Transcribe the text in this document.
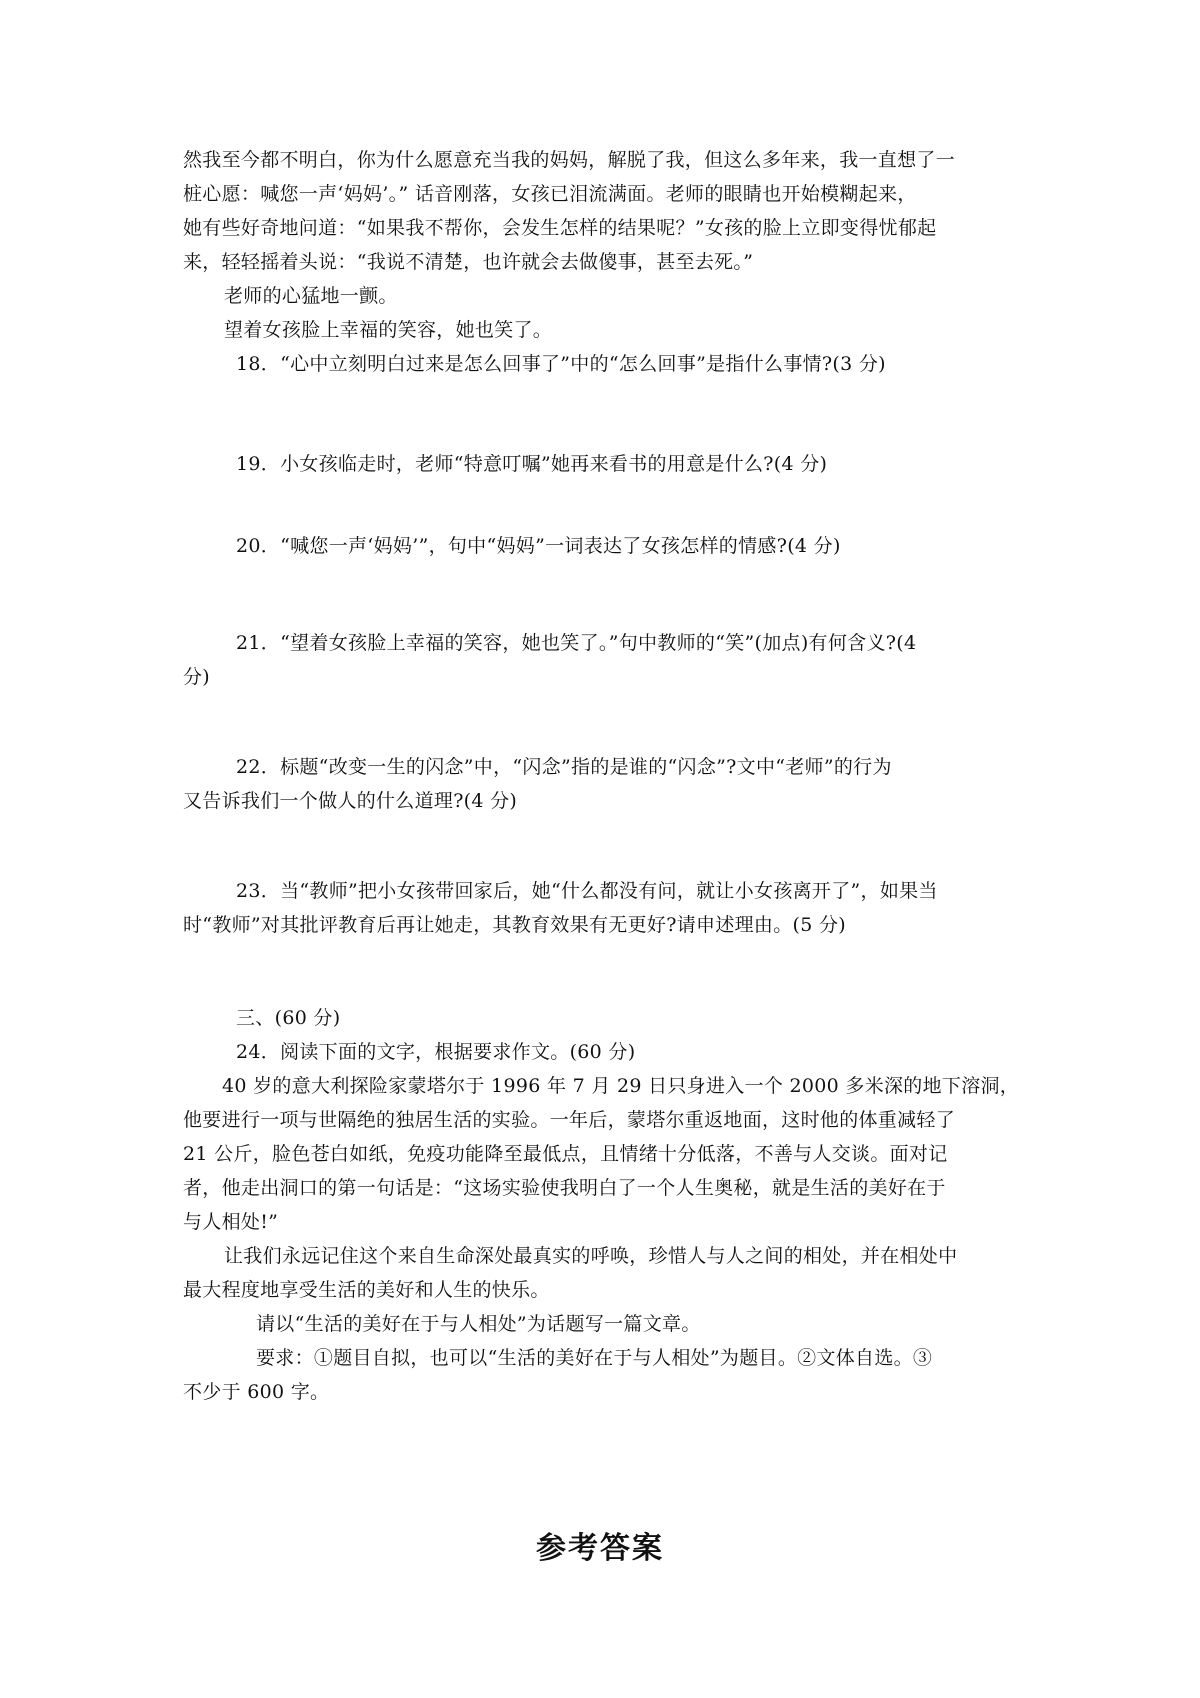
然我至今都不明白，你为什么愿意充当我的妈妈，解脱了我，但这么多年来，我一直想了一
桩心愿：喊您一声‘妈妈’。” 话音刚落，女孩已泪流满面。老师的眼睛也开始模糊起来，
她有些好奇地问道：“如果我不帮你，会发生怎样的结果呢？”女孩的脸上立即变得忧郁起
来，轻轻摇着头说：“我说不清楚，也许就会去做傻事，甚至去死。”
老师的心猛地一颤。
望着女孩脸上幸福的笑容，她也笑了。
18．“心中立刻明白过来是怎么回事了”中的“怎么回事”是指什么事情?(3 分)
19．小女孩临走时，老师“特意叮嘱”她再来看书的用意是什么?(4 分)
20．“喊您一声‘妈妈’”，句中“妈妈”一词表达了女孩怎样的情感?(4 分)
21．“望着女孩脸上幸福的笑容，她也笑了。”句中教师的“笑”(加点)有何含义?(4
分)
22．标题“改变一生的闪念”中，“闪念”指的是谁的“闪念”?文中“老师”的行为
又告诉我们一个做人的什么道理?(4 分)
23．当“教师”把小女孩带回家后，她“什么都没有问，就让小女孩离开了”，如果当
时“教师”对其批评教育后再让她走，其教育效果有无更好?请申述理由。(5 分)
三、(60 分)
24．阅读下面的文字，根据要求作文。(60 分)
40 岁的意大利探险家蒙塔尔于 1996 年 7 月 29 日只身进入一个 2000 多米深的地下溶洞，
他要进行一项与世隔绝的独居生活的实验。一年后，蒙塔尔重返地面，这时他的体重减轻了
21 公斤，脸色苍白如纸，免疫功能降至最低点，且情绪十分低落，不善与人交谈。面对记
者，他走出洞口的第一句话是：“这场实验使我明白了一个人生奥秘，就是生活的美好在于
与人相处!”
让我们永远记住这个来自生命深处最真实的呼唤，珍惜人与人之间的相处，并在相处中
最大程度地享受生活的美好和人生的快乐。
请以“生活的美好在于与人相处”为话题写一篇文章。
要求：①题目自拟，也可以“生活的美好在于与人相处”为题目。②文体自选。③
不少于 600 字。
参考答案
